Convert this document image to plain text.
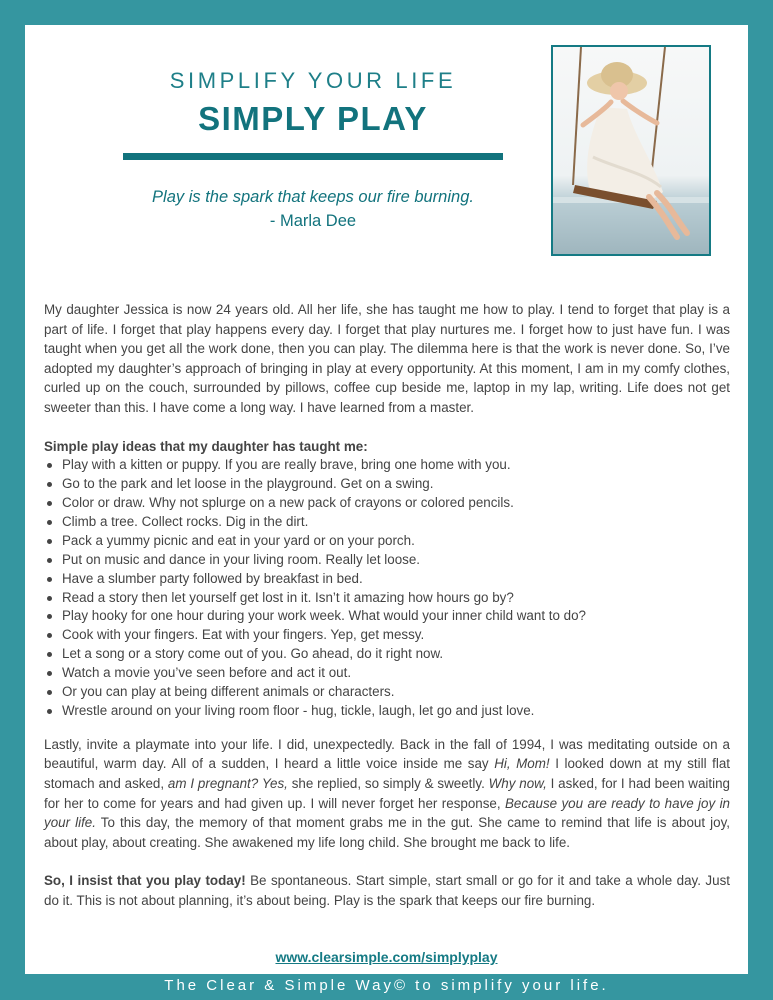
SIMPLIFY YOUR LIFE
SIMPLY PLAY
Play is the spark that keeps our fire burning.
- Marla Dee

My daughter Jessica is now 24 years old. All her life, she has taught me how to play. I tend to forget that play is a part of life. I forget that play happens every day. I forget that play nurtures me. I forget how to just have fun. I was taught when you get all the work done, then you can play. The dilemma here is that the work is never done. So, I’ve adopted my daughter’s approach of bringing in play at every opportunity. At this moment, I am in my comfy clothes, curled up on the couch, surrounded by pillows, coffee cup beside me, laptop in my lap, writing. Life does not get sweeter than this. I have come a long way. I have learned from a master.

Simple play ideas that my daughter has taught me:

Play with a kitten or puppy. If you are really brave, bring one home with you.
Go to the park and let loose in the playground. Get on a swing.
Color or draw. Why not splurge on a new pack of crayons or colored pencils.
Climb a tree. Collect rocks. Dig in the dirt.
Pack a yummy picnic and eat in your yard or on your porch.
Put on music and dance in your living room. Really let loose.
Have a slumber party followed by breakfast in bed.
Read a story then let yourself get lost in it. Isn’t it amazing how hours go by?
Play hooky for one hour during your work week. What would your inner child want to do?
Cook with your fingers. Eat with your fingers. Yep, get messy.
Let a song or a story come out of you. Go ahead, do it right now.
Watch a movie you’ve seen before and act it out.
Or you can play at being different animals or characters.
Wrestle around on your living room floor - hug, tickle, laugh, let go and just love.

Lastly, invite a playmate into your life. I did, unexpectedly. Back in the fall of 1994, I was meditating outside on a beautiful, warm day. All of a sudden, I heard a little voice inside me say Hi, Mom! I looked down at my still flat stomach and asked, am I pregnant? Yes, she replied, so simply & sweetly. Why now, I asked, for I had been waiting for her to come for years and had given up. I will never forget her response, Because you are ready to have joy in your life. To this day, the memory of that moment grabs me in the gut. She came to remind that life is about joy, about play, about creating. She awakened my life long child. She brought me back to life.

So, I insist that you play today! Be spontaneous. Start simple, start small or go for it and take a whole day. Just do it. This is not about planning, it’s about being. Play is the spark that keeps our fire burning.

www.clearsimple.com/simplyplay
The Clear & Simple Way© to simplify your life.
